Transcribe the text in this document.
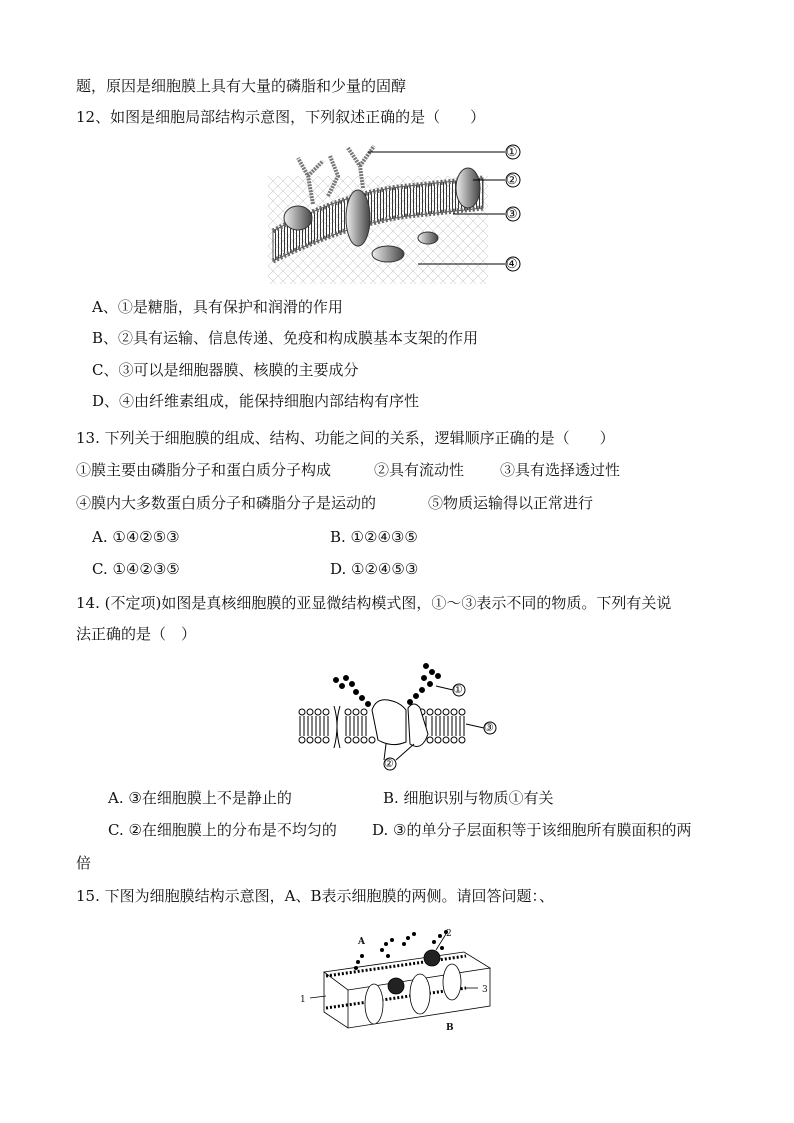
题，原因是细胞膜上具有大量的磷脂和少量的固醇
12、如图是细胞局部结构示意图，下列叙述正确的是（　　）
①
②
③
④
A、①是糖脂，具有保护和润滑的作用
B、②具有运输、信息传递、免疫和构成膜基本支架的作用
C、③可以是细胞器膜、核膜的主要成分
D、④由纤维素组成，能保持细胞内部结构有序性
13. 下列关于细胞膜的组成、结构、功能之间的关系，逻辑顺序正确的是（　　）
①膜主要由磷脂分子和蛋白质分子构成	②具有流动性 ③具有选择透过性
④膜内大多数蛋白质分子和磷脂分子是运动的	⑤物质运输得以正常进行
A. ①④②⑤③	B. ①②④③⑤
C. ①④②③⑤	D. ①②④⑤③
14. (不定项)如图是真核细胞膜的亚显微结构模式图，①～③表示不同的物质。下列有关说
法正确的是（　）
①
②
③
A. ③在细胞膜上不是静止的	B. 细胞识别与物质①有关
C. ②在细胞膜上的分布是不均匀的 D. ③的单分子层面积等于该细胞所有膜面积的两
倍
15. 下图为细胞膜结构示意图，A、B表示细胞膜的两侧。请回答问题：、
A
B
1
2
3
